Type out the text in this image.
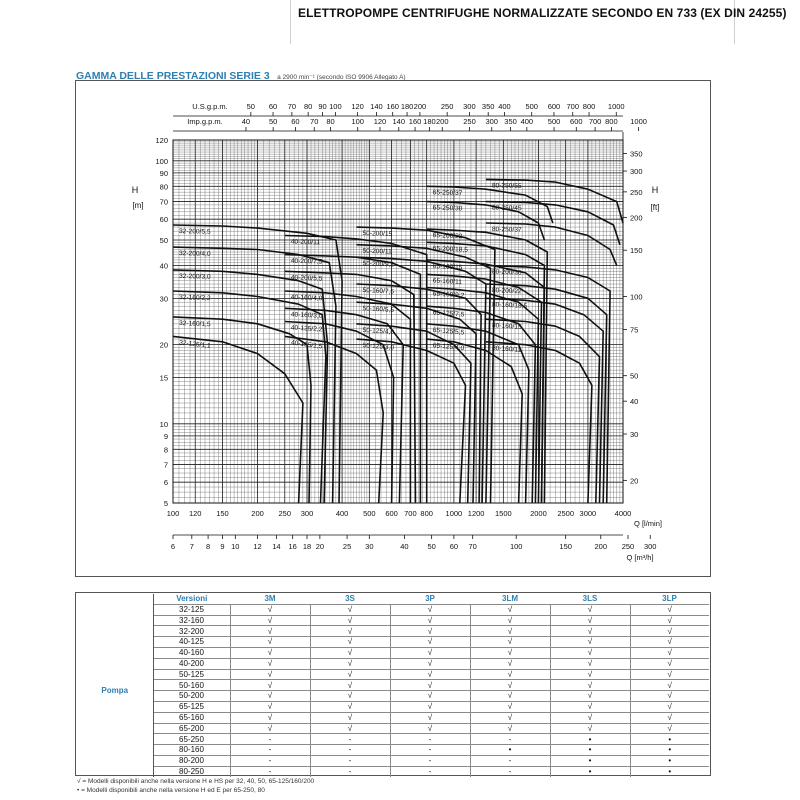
ELETTROPOMPE CENTRIFUGHE NORMALIZZATE SECONDO EN 733 (EX DIN 24255)
GAMMA DELLE PRESTAZIONI SERIE 3 a 2900 min⁻¹ (secondo ISO 9906 Allegato A)
5
6
7
8
9
10
15
20
30
40
50
60
70
80
90
100
120
H
[m]
20
30
40
50
75
100
150
200
250
300
350
H
[ft]
100 120 150	200 250 300	400 500 600 700 800 1000 1200 1500 2000 2500 3000 4000
Q [l/min]
6 7 8 9 10 12 14 16 18 20	25 30	40	50 60 70	100	150	200 250 300
Q [m³/h]
50 60 70 80 90 100 120 140 160 180 200 250 300 350 400 500 600 700 800 1000
U.S.g.p.m.
40	50 60 70 80 100 120 140 160 180 200 250 300 350 400 500 600 700 800 1000
Imp.g.p.m.
32-125/1,1
32-160/1,5
32-160/2,2
32-200/3,0
32-200/4,0
32-200/5,5
40-125/1,5
40-125/2,2
40-160/3,0
40-160/4,0
40-200/5,5
40-200/7,5
40-200/11
50-125/3,0
50-125/4,0
50-160/5,5
50-160/7,5
50-200/9,2
50-200/11
50-200/15
65-125/4,0
65-125/5,5
65-125/7,5
65-160/9,2
65-160/11
65-160/15
65-200/18,5
65-200/22
65-250/30
65-250/37
80-160/11
80-160/15
80-160/18,5
80-200/22
80-200/30
80-250/37
80-250/45
80-250/55
	Versioni	3M	3S	3P	3LM	3LS	3LP
Pompa	32-125	√	√	√	√	√	√
	32-160	√	√	√	√	√	√
	32-200	√	√	√	√	√	√
	40-125	√	√	√	√	√	√
	40-160	√	√	√	√	√	√
	40-200	√	√	√	√	√	√
	50-125	√	√	√	√	√	√
	50-160	√	√	√	√	√	√
	50-200	√	√	√	√	√	√
	65-125	√	√	√	√	√	√
	65-160	√	√	√	√	√	√
	65-200	√	√	√	√	√	√
	65-250	-	-	-	-	•	•
	80-160	-	-	-	•	•	•
	80-200	-	-	-	-	•	•
	80-250	-	-	-	-	•	•
√ = Modelli disponibili anche nella versione H e HS per 32, 40, 50, 65-125/160/200
• = Modelli disponibili anche nella versione H ed E per 65-250, 80
